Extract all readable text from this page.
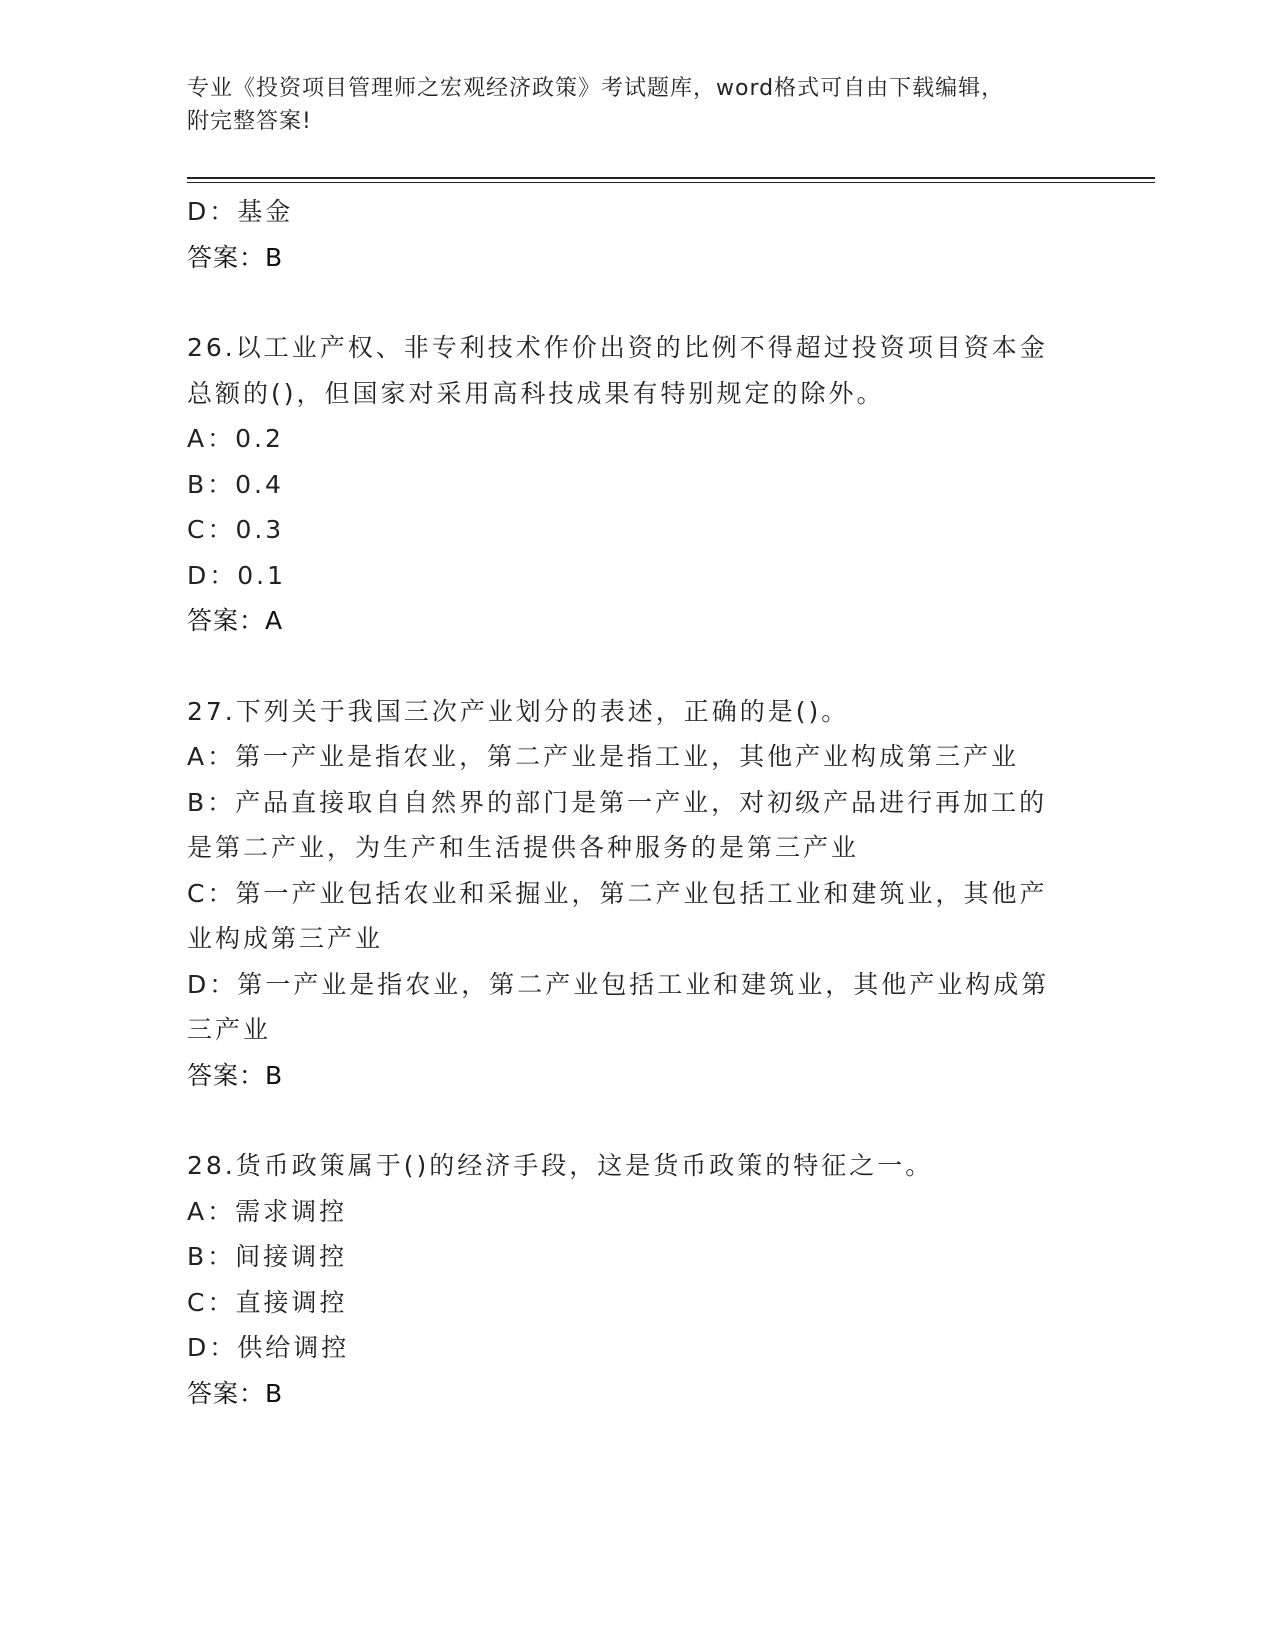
专业《投资项目管理师之宏观经济政策》考试题库，word格式可自由下载编辑，
附完整答案!
D：基金
答案：B
26.以工业产权、非专利技术作价出资的比例不得超过投资项目资本金
总额的()，但国家对采用高科技成果有特别规定的除外。
A：0.2
B：0.4
C：0.3
D：0.1
答案：A
27.下列关于我国三次产业划分的表述，正确的是()。
A：第一产业是指农业，第二产业是指工业，其他产业构成第三产业
B：产品直接取自自然界的部门是第一产业，对初级产品进行再加工的
是第二产业，为生产和生活提供各种服务的是第三产业
C：第一产业包括农业和采掘业，第二产业包括工业和建筑业，其他产
业构成第三产业
D：第一产业是指农业，第二产业包括工业和建筑业，其他产业构成第
三产业
答案：B
28.货币政策属于()的经济手段，这是货币政策的特征之一。
A：需求调控
B：间接调控
C：直接调控
D：供给调控
答案：B
